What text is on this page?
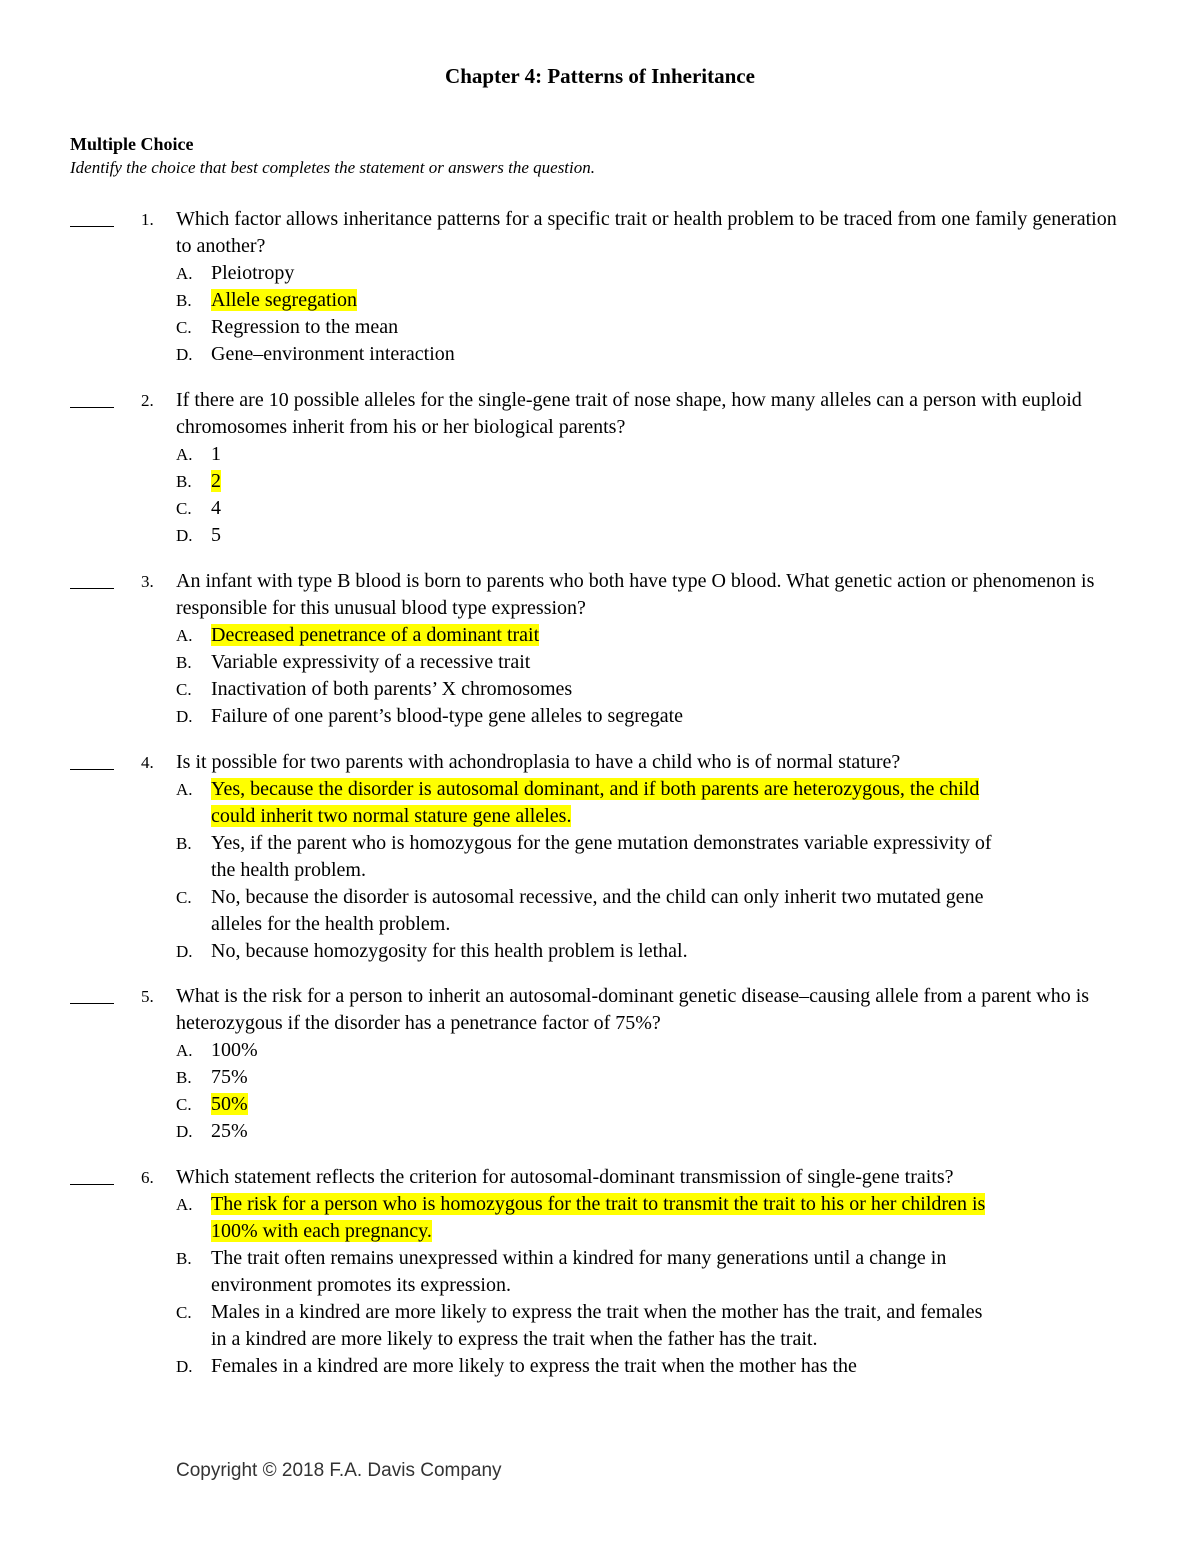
Chapter 4: Patterns of Inheritance
Multiple Choice
Identify the choice that best completes the statement or answers the question.
1. Which factor allows inheritance patterns for a specific trait or health problem to be traced from one family generation to another?
A. Pleiotropy
B. Allele segregation
C. Regression to the mean
D. Gene–environment interaction
2. If there are 10 possible alleles for the single-gene trait of nose shape, how many alleles can a person with euploid chromosomes inherit from his or her biological parents?
A. 1
B. 2
C. 4
D. 5
3. An infant with type B blood is born to parents who both have type O blood. What genetic action or phenomenon is responsible for this unusual blood type expression?
A. Decreased penetrance of a dominant trait
B. Variable expressivity of a recessive trait
C. Inactivation of both parents’ X chromosomes
D. Failure of one parent’s blood-type gene alleles to segregate
4. Is it possible for two parents with achondroplasia to have a child who is of normal stature?
A. Yes, because the disorder is autosomal dominant, and if both parents are heterozygous, the child could inherit two normal stature gene alleles.
B. Yes, if the parent who is homozygous for the gene mutation demonstrates variable expressivity of the health problem.
C. No, because the disorder is autosomal recessive, and the child can only inherit two mutated gene alleles for the health problem.
D. No, because homozygosity for this health problem is lethal.
5. What is the risk for a person to inherit an autosomal-dominant genetic disease–causing allele from a parent who is heterozygous if the disorder has a penetrance factor of 75%?
A. 100%
B. 75%
C. 50%
D. 25%
6. Which statement reflects the criterion for autosomal-dominant transmission of single-gene traits?
A. The risk for a person who is homozygous for the trait to transmit the trait to his or her children is 100% with each pregnancy.
B. The trait often remains unexpressed within a kindred for many generations until a change in environment promotes its expression.
C. Males in a kindred are more likely to express the trait when the mother has the trait, and females in a kindred are more likely to express the trait when the father has the trait.
D. Females in a kindred are more likely to express the trait when the mother has the
Copyright © 2018 F.A. Davis Company
